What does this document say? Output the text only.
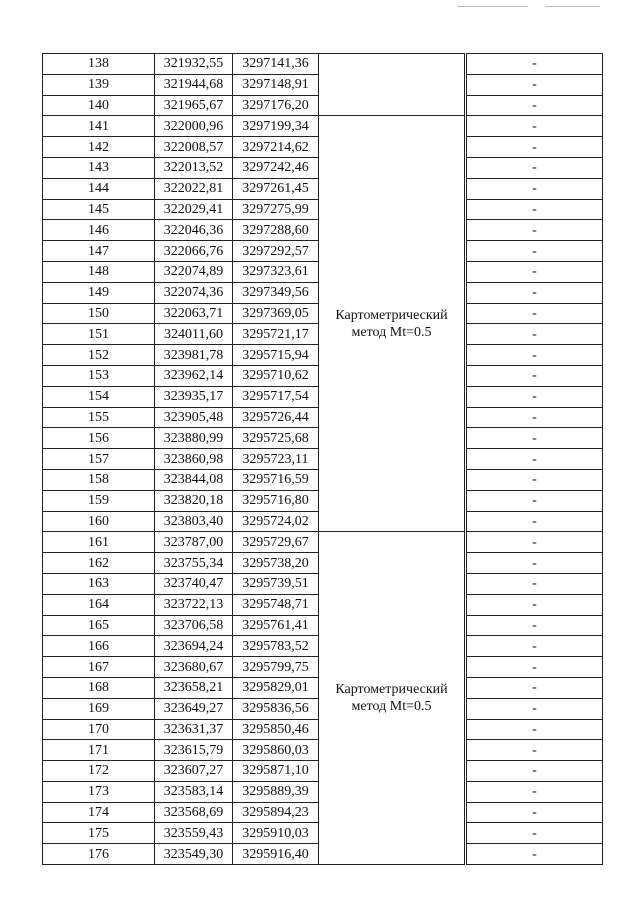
138	321932,55	3297141,36			-
139	321944,68	3297148,91			-
140	321965,67	3297176,20			-
141	322000,96	3297199,34	Картометрический метод Mt=0.5		-
142	322008,57	3297214,62			-
143	322013,52	3297242,46			-
144	322022,81	3297261,45			-
145	322029,41	3297275,99			-
146	322046,36	3297288,60			-
147	322066,76	3297292,57			-
148	322074,89	3297323,61			-
149	322074,36	3297349,56			-
150	322063,71	3297369,05			-
151	324011,60	3295721,17			-
152	323981,78	3295715,94			-
153	323962,14	3295710,62			-
154	323935,17	3295717,54			-
155	323905,48	3295726,44			-
156	323880,99	3295725,68			-
157	323860,98	3295723,11			-
158	323844,08	3295716,59			-
159	323820,18	3295716,80			-
160	323803,40	3295724,02			-
161	323787,00	3295729,67	Картометрический метод Mt=0.5		-
162	323755,34	3295738,20			-
163	323740,47	3295739,51			-
164	323722,13	3295748,71			-
165	323706,58	3295761,41			-
166	323694,24	3295783,52			-
167	323680,67	3295799,75			-
168	323658,21	3295829,01			-
169	323649,27	3295836,56			-
170	323631,37	3295850,46			-
171	323615,79	3295860,03			-
172	323607,27	3295871,10			-
173	323583,14	3295889,39			-
174	323568,69	3295894,23			-
175	323559,43	3295910,03			-
176	323549,30	3295916,40			-
